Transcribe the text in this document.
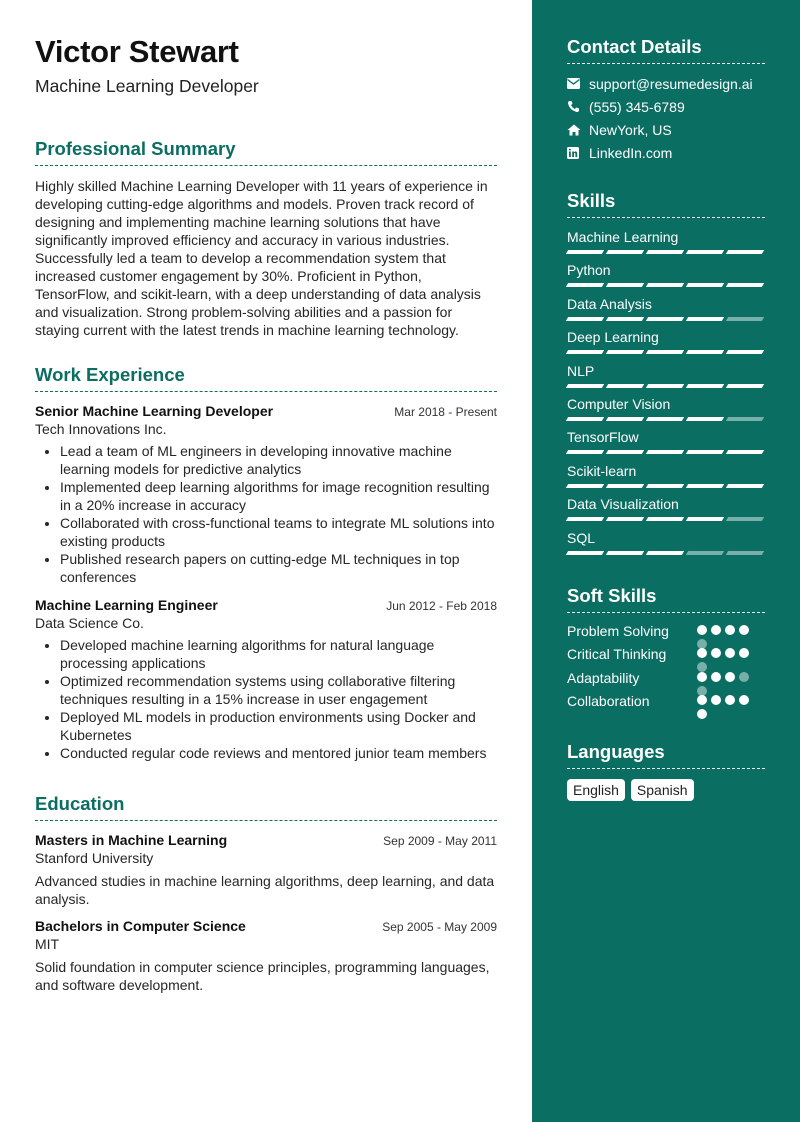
Victor Stewart
Machine Learning Developer
Professional Summary
Highly skilled Machine Learning Developer with 11 years of experience in developing cutting-edge algorithms and models. Proven track record of designing and implementing machine learning solutions that have significantly improved efficiency and accuracy in various industries. Successfully led a team to develop a recommendation system that increased customer engagement by 30%. Proficient in Python, TensorFlow, and scikit-learn, with a deep understanding of data analysis and visualization. Strong problem-solving abilities and a passion for staying current with the latest trends in machine learning technology.
Work Experience
Senior Machine Learning Developer	Mar 2018 - Present
Tech Innovations Inc.
• Lead a team of ML engineers in developing innovative machine learning models for predictive analytics
• Implemented deep learning algorithms for image recognition resulting in a 20% increase in accuracy
• Collaborated with cross-functional teams to integrate ML solutions into existing products
• Published research papers on cutting-edge ML techniques in top conferences
Machine Learning Engineer	Jun 2012 - Feb 2018
Data Science Co.
• Developed machine learning algorithms for natural language processing applications
• Optimized recommendation systems using collaborative filtering techniques resulting in a 15% increase in user engagement
• Deployed ML models in production environments using Docker and Kubernetes
• Conducted regular code reviews and mentored junior team members
Education
Masters in Machine Learning	Sep 2009 - May 2011
Stanford University
Advanced studies in machine learning algorithms, deep learning, and data analysis.
Bachelors in Computer Science	Sep 2005 - May 2009
MIT
Solid foundation in computer science principles, programming languages, and software development.
Contact Details
support@resumedesign.ai
(555) 345-6789
NewYork, US
LinkedIn.com
Skills
Machine Learning
Python
Data Analysis
Deep Learning
NLP
Computer Vision
TensorFlow
Scikit-learn
Data Visualization
SQL
Soft Skills
Problem Solving
Critical Thinking
Adaptability
Collaboration
Languages
English	Spanish
